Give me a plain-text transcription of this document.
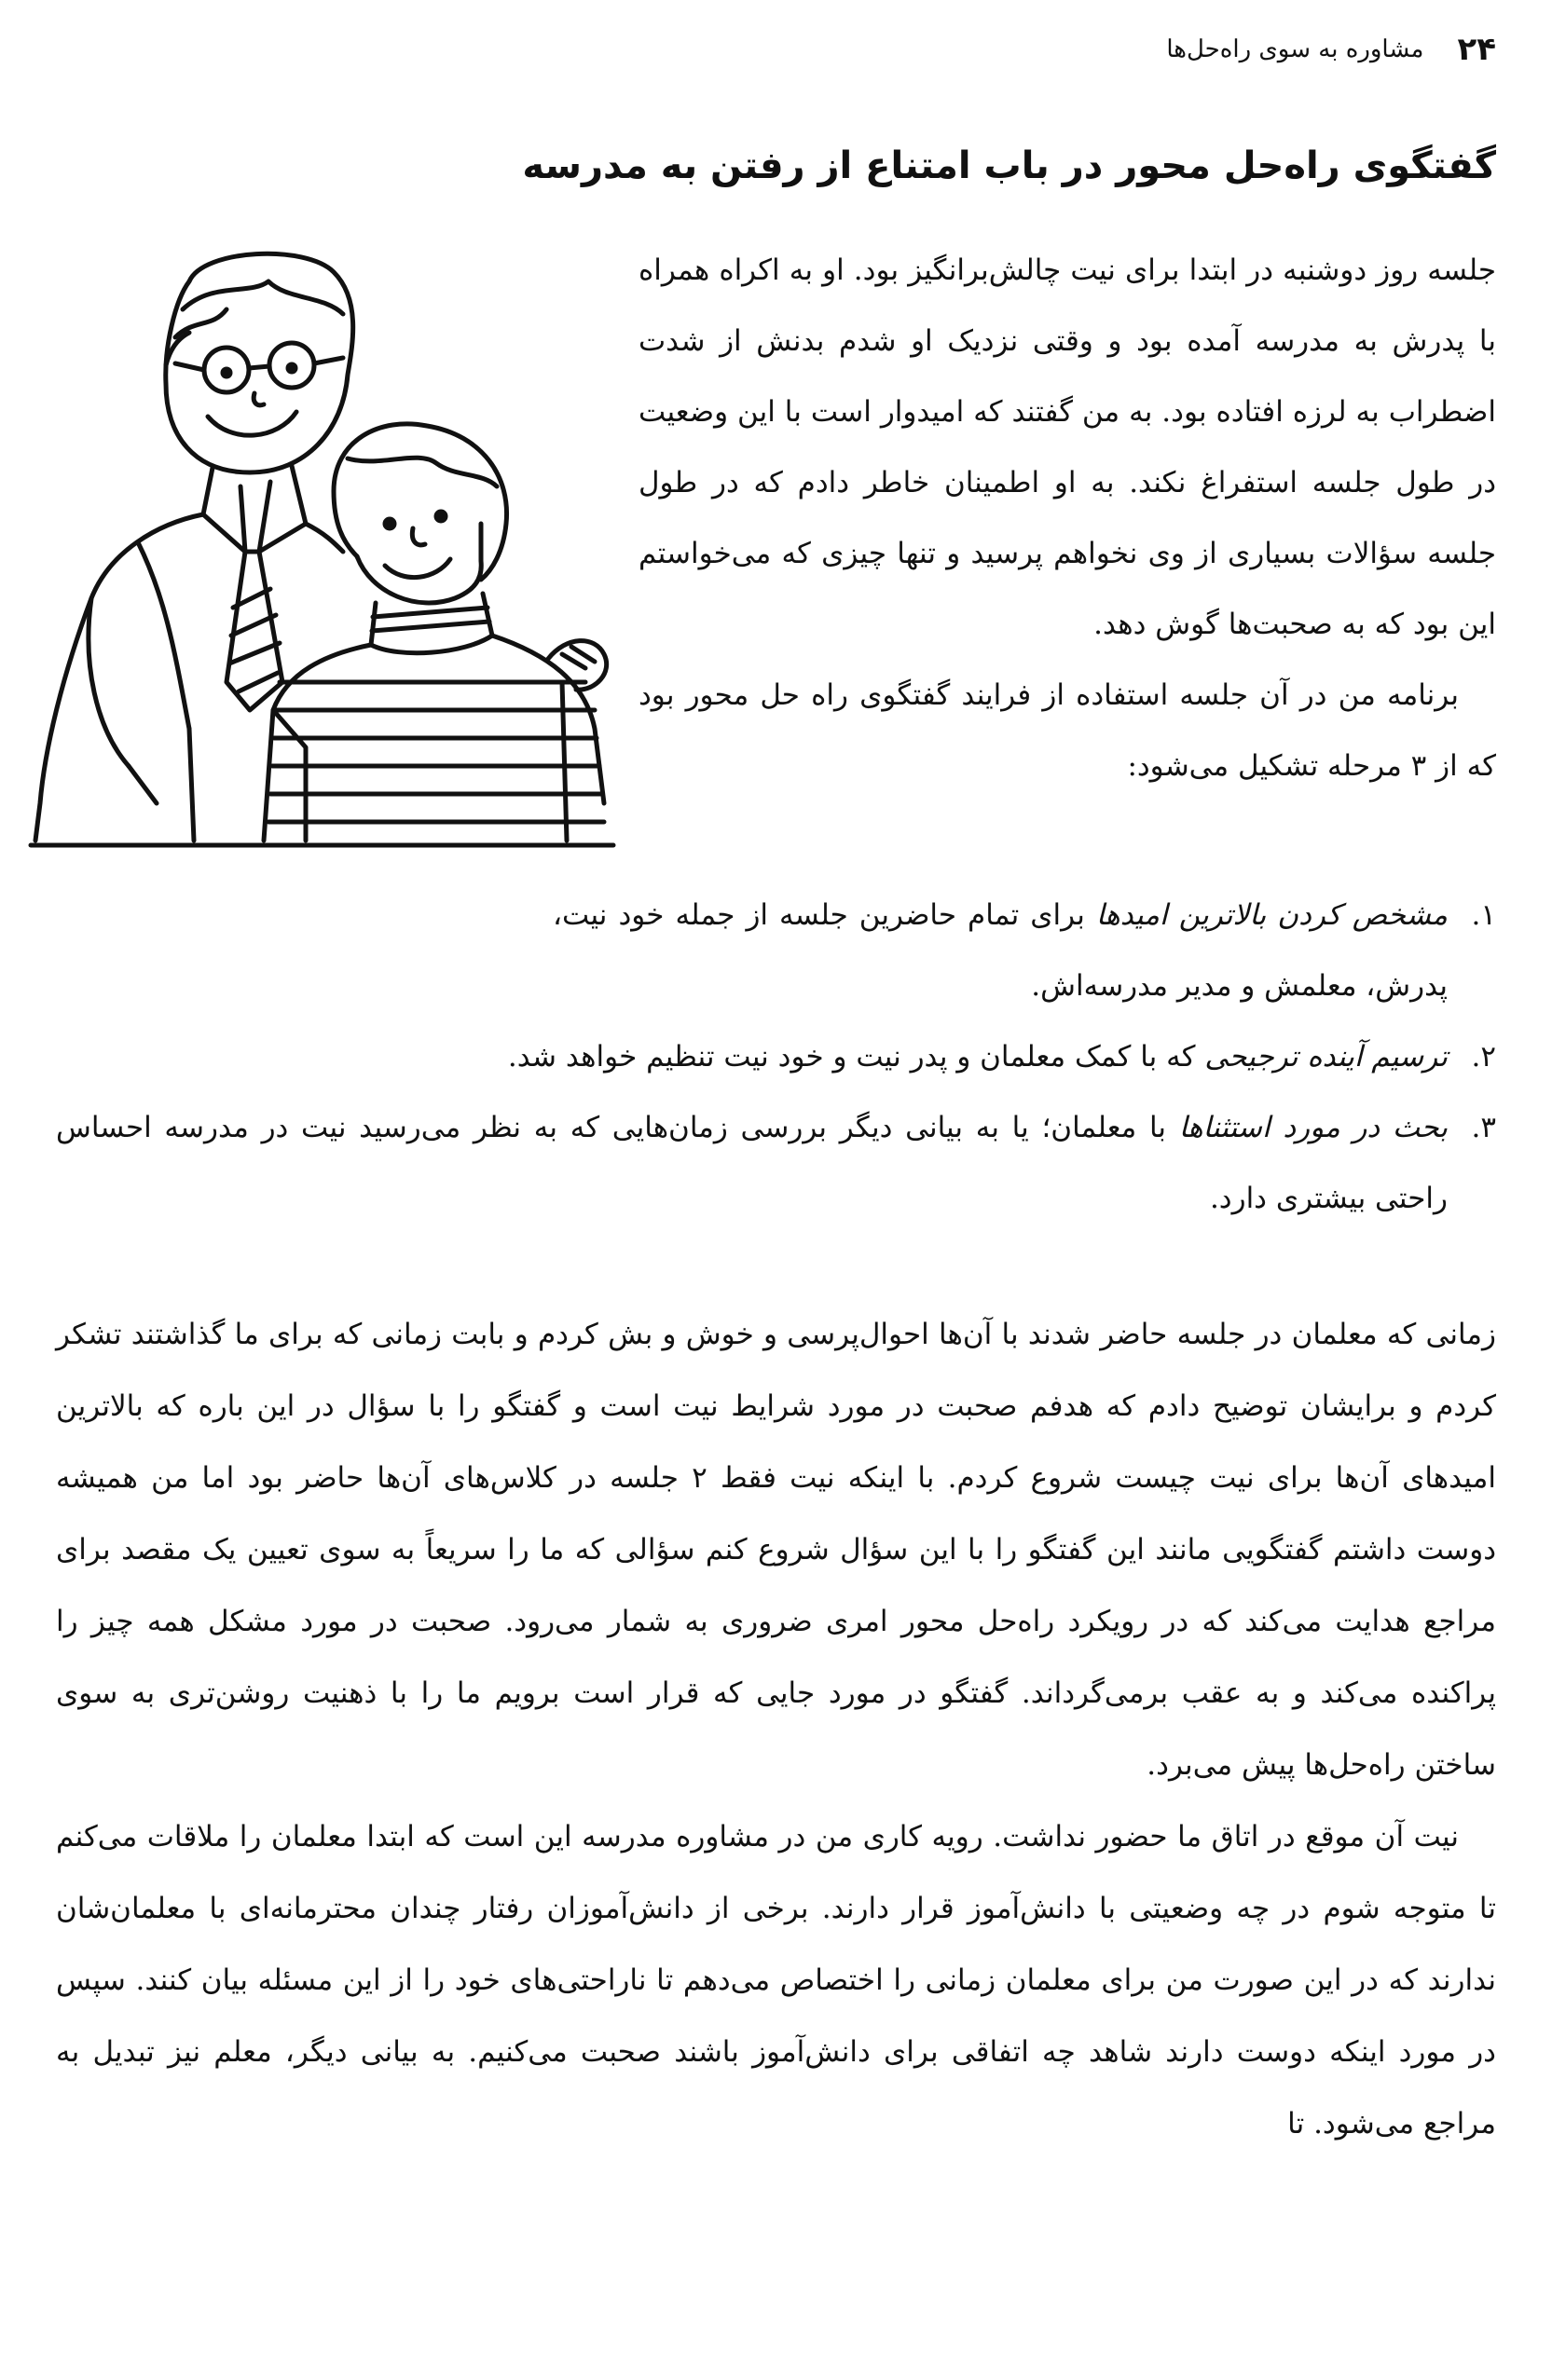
۲۴
مشاوره به سوی راه‌حل‌ها
گفتگوی راه‌حل محور در باب امتناع از رفتن به مدرسه

جلسه روز دوشنبه در ابتدا برای نیت چالش‌برانگیز بود. او به اکراه همراه با پدرش به مدرسه آمده بود و وقتی نزدیک او شدم بدنش از شدت اضطراب به لرزه افتاده بود. به من گفتند که امیدوار است با این وضعیت در طول جلسه استفراغ نکند. به او اطمینان خاطر دادم که در طول جلسه سؤالات بسیاری از وی نخواهم پرسید و تنها چیزی که می‌خواستم این بود که به صحبت‌ها گوش دهد.

برنامه من در آن جلسه استفاده از فرایند گفتگوی راه حل محور بود که از ۳ مرحله تشکیل می‌شود:

۱.
مشخص کردن بالاترین امیدها برای تمام حاضرین جلسه از جمله خود نیت، پدرش، معلمش و مدیر مدرسه‌اش.
۲.
ترسیم آینده ترجیحی که با کمک معلمان و پدر نیت و خود نیت تنظیم خواهد شد.
۳.
بحث در مورد استثناها با معلمان؛ یا به بیانی دیگر بررسی زمان‌هایی که به نظر می‌رسید نیت در مدرسه احساس راحتی بیشتری دارد.

زمانی که معلمان در جلسه حاضر شدند با آن‌ها احوال‌پرسی و خوش و بش کردم و بابت زمانی که برای ما گذاشتند تشکر کردم و برایشان توضیح دادم که هدفم صحبت در مورد شرایط نیت است و گفتگو را با سؤال در این باره که بالاترین امیدهای آن‌ها برای نیت چیست شروع کردم. با اینکه نیت فقط ۲ جلسه در کلاس‌های آن‌ها حاضر بود اما من همیشه دوست داشتم گفتگویی مانند این گفتگو را با این سؤال شروع کنم سؤالی که ما را سریعاً به سوی تعیین یک مقصد برای مراجع هدایت می‌کند که در رویکرد راه‌حل محور امری ضروری به شمار می‌رود. صحبت در مورد مشکل همه چیز را پراکنده می‌کند و به عقب برمی‌گرداند. گفتگو در مورد جایی که قرار است برویم ما را با ذهنیت روشن‌تری به سوی ساختن راه‌حل‌ها پیش می‌برد.

نیت آن موقع در اتاق ما حضور نداشت. رویه کاری من در مشاوره مدرسه این است که ابتدا معلمان را ملاقات می‌کنم تا متوجه شوم در چه وضعیتی با دانش‌آموز قرار دارند. برخی از دانش‌آموزان رفتار چندان محترمانه‌ای با معلمان‌شان ندارند که در این صورت من برای معلمان زمانی را اختصاص می‌دهم تا ناراحتی‌های خود را از این مسئله بیان کنند. سپس در مورد اینکه دوست دارند شاهد چه اتفاقی برای دانش‌آموز باشند صحبت می‌کنیم. به بیانی دیگر، معلم نیز تبدیل به مراجع می‌شود. تا
